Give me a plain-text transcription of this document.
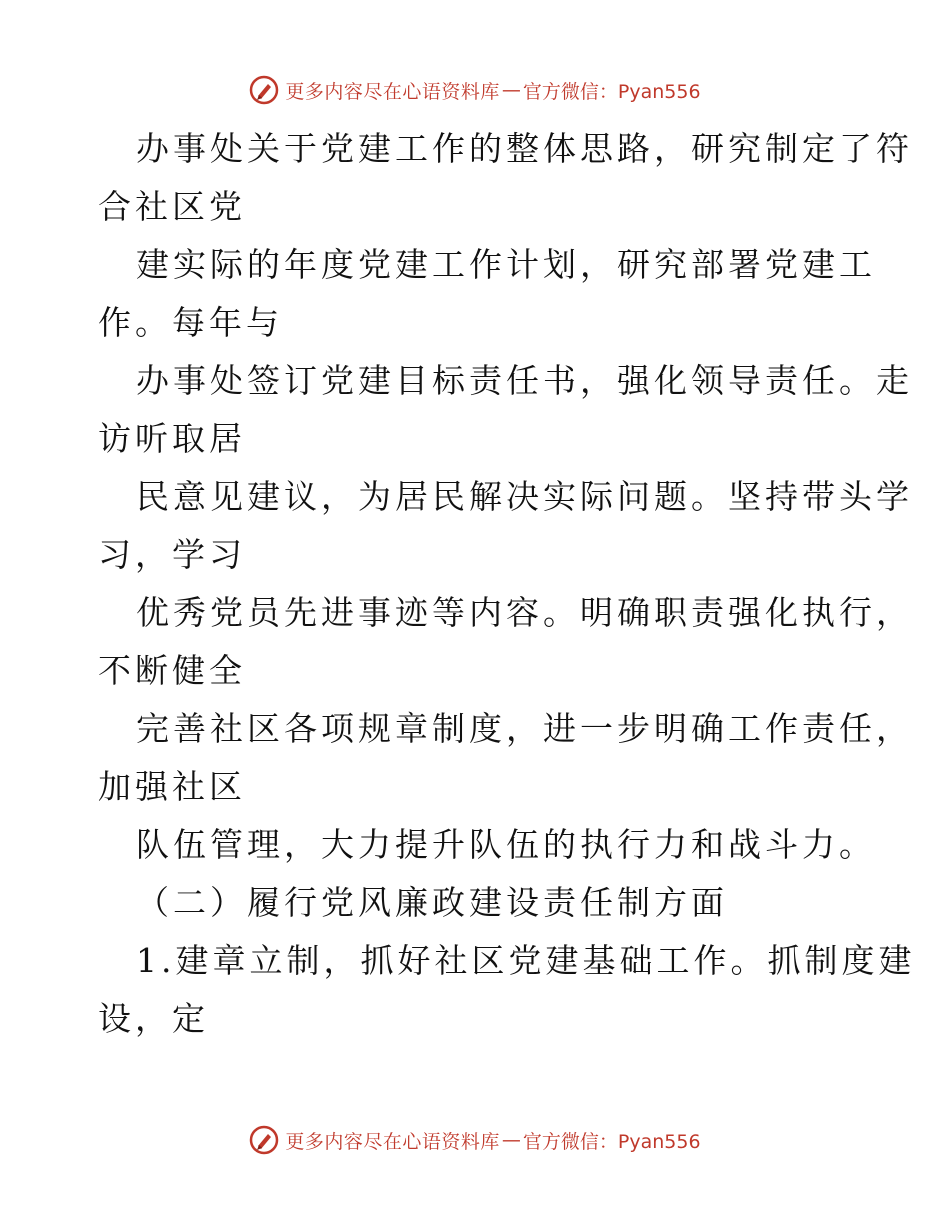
更多内容尽在心语资料库 — 官方微信：Pyan556
办事处关于党建工作的整体思路，研究制定了符
合社区党
建实际的年度党建工作计划，研究部署党建工
作。每年与
办事处签订党建目标责任书，强化领导责任。走
访听取居
民意见建议，为居民解决实际问题。坚持带头学
习，学习
优秀党员先进事迹等内容。明确职责强化执行，
不断健全
完善社区各项规章制度，进一步明确工作责任，
加强社区
队伍管理，大力提升队伍的执行力和战斗力。
（二）履行党风廉政建设责任制方面
1.建章立制，抓好社区党建基础工作。抓制度建
设，定
更多内容尽在心语资料库 — 官方微信：Pyan556
